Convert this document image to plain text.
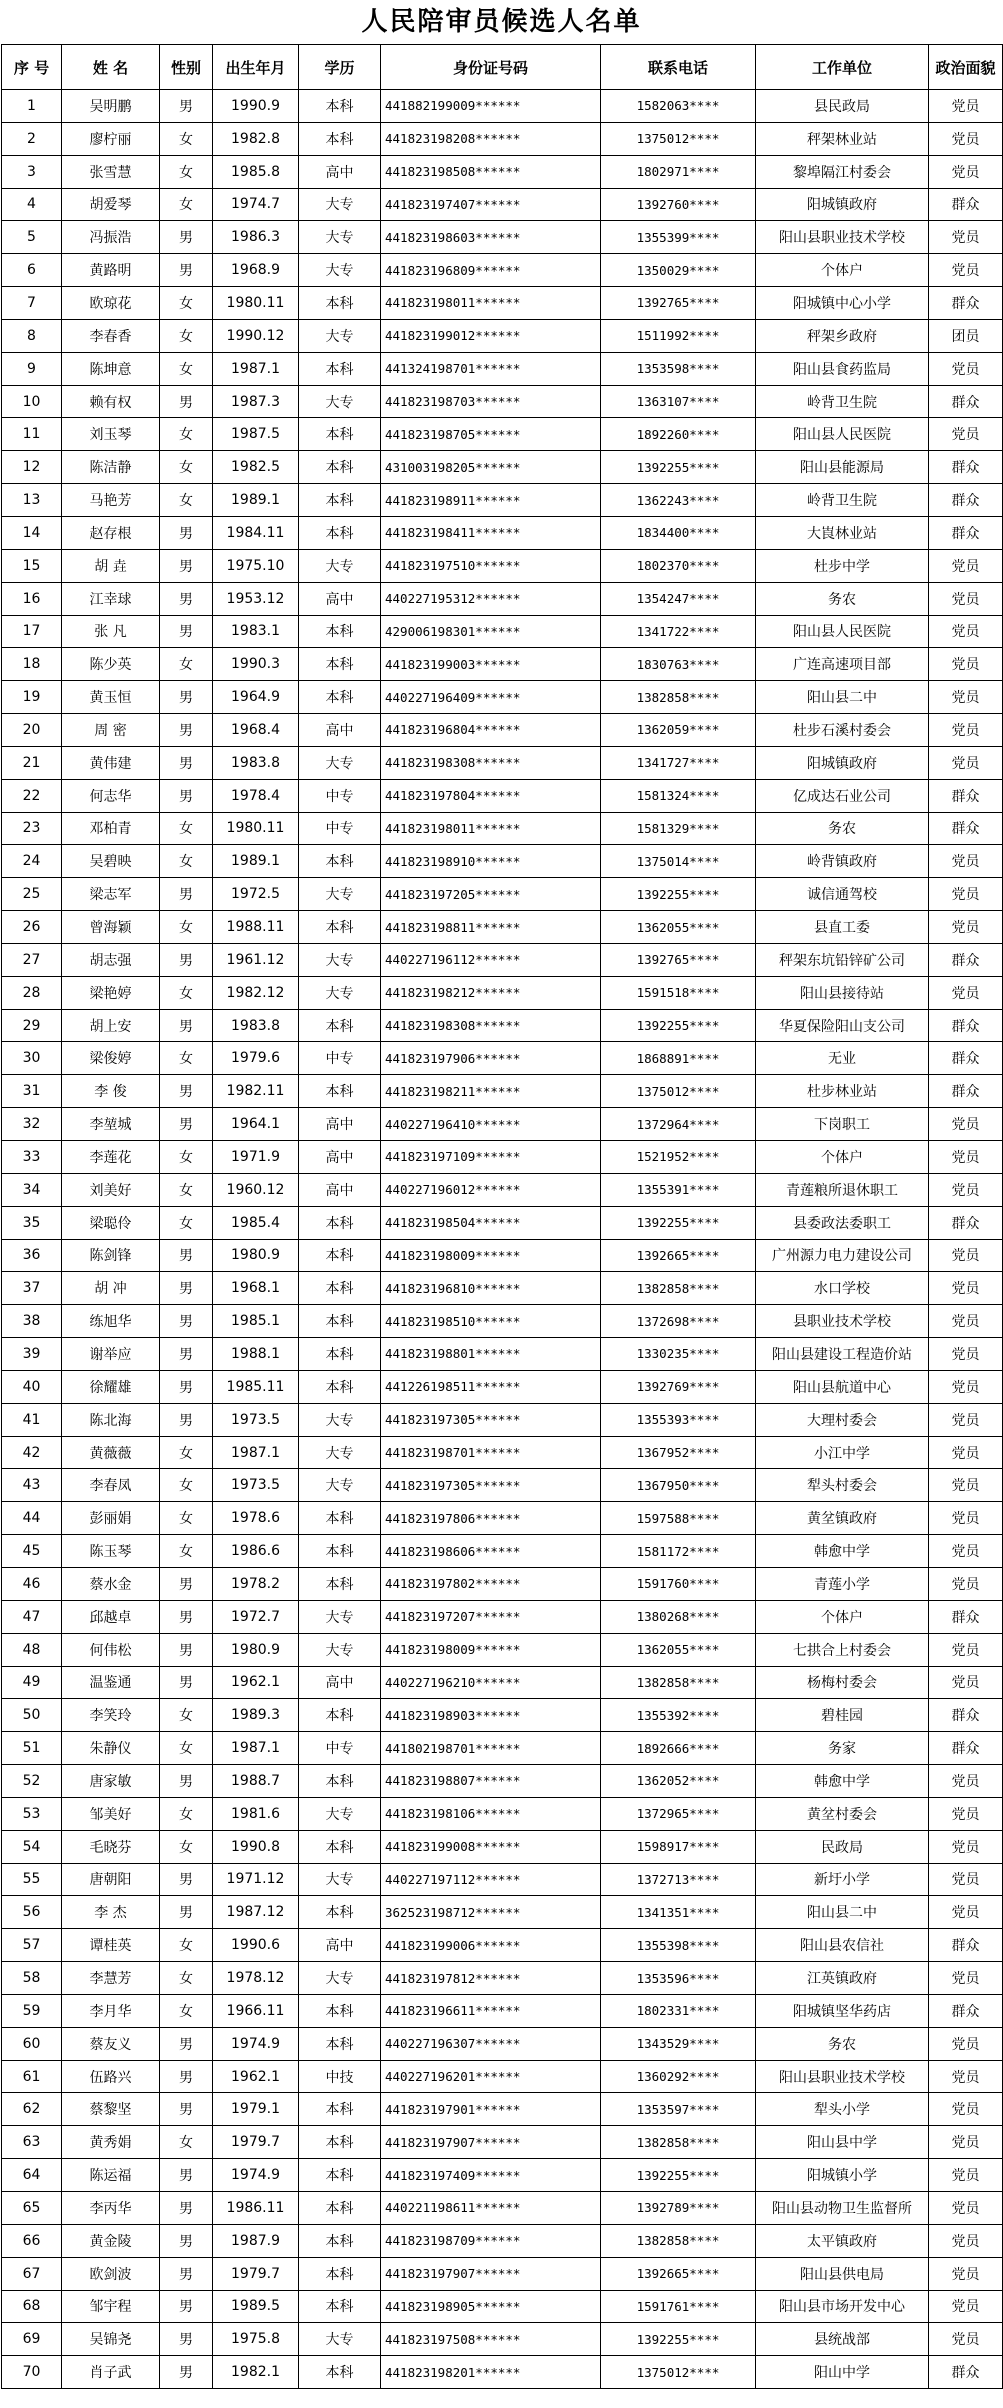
人民陪审员候选人名单
序 号	姓 名	性别	出生年月	学历	身份证号码	联系电话	工作单位	政治面貌
1	吴明鹏	男	1990.9	本科	441882199009******	1582063****	县民政局	党员
2	廖柠丽	女	1982.8	本科	441823198208******	1375012****	秤架林业站	党员
3	张雪慧	女	1985.8	高中	441823198508******	1802971****	黎埠隔江村委会	党员
4	胡爱琴	女	1974.7	大专	441823197407******	1392760****	阳城镇政府	群众
5	冯振浩	男	1986.3	大专	441823198603******	1355399****	阳山县职业技术学校	党员
6	黄路明	男	1968.9	大专	441823196809******	1350029****	个体户	党员
7	欧琼花	女	1980.11	本科	441823198011******	1392765****	阳城镇中心小学	群众
8	李春香	女	1990.12	大专	441823199012******	1511992****	秤架乡政府	团员
9	陈坤意	女	1987.1	本科	441324198701******	1353598****	阳山县食药监局	党员
10	赖有权	男	1987.3	大专	441823198703******	1363107****	岭背卫生院	群众
11	刘玉琴	女	1987.5	本科	441823198705******	1892260****	阳山县人民医院	党员
12	陈洁静	女	1982.5	本科	431003198205******	1392255****	阳山县能源局	群众
13	马艳芳	女	1989.1	本科	441823198911******	1362243****	岭背卫生院	群众
14	赵存根	男	1984.11	本科	441823198411******	1834400****	大崀林业站	群众
15	胡 垚	男	1975.10	大专	441823197510******	1802370****	杜步中学	党员
16	江幸球	男	1953.12	高中	440227195312******	1354247****	务农	党员
17	张 凡	男	1983.1	本科	429006198301******	1341722****	阳山县人民医院	党员
18	陈少英	女	1990.3	本科	441823199003******	1830763****	广连高速项目部	党员
19	黄玉恒	男	1964.9	本科	440227196409******	1382858****	阳山县二中	党员
20	周 密	男	1968.4	高中	441823196804******	1362059****	杜步石溪村委会	党员
21	黄伟建	男	1983.8	大专	441823198308******	1341727****	阳城镇政府	党员
22	何志华	男	1978.4	中专	441823197804******	1581324****	亿成达石业公司	群众
23	邓柏青	女	1980.11	中专	441823198011******	1581329****	务农	群众
24	吴碧映	女	1989.1	本科	441823198910******	1375014****	岭背镇政府	党员
25	梁志军	男	1972.5	大专	441823197205******	1392255****	诚信通驾校	党员
26	曾海颖	女	1988.11	本科	441823198811******	1362055****	县直工委	党员
27	胡志强	男	1961.12	大专	440227196112******	1392765****	秤架东坑铅锌矿公司	群众
28	梁艳婷	女	1982.12	大专	441823198212******	1591518****	阳山县接待站	党员
29	胡上安	男	1983.8	本科	441823198308******	1392255****	华夏保险阳山支公司	群众
30	梁俊婷	女	1979.6	中专	441823197906******	1868891****	无业	群众
31	李 俊	男	1982.11	本科	441823198211******	1375012****	杜步林业站	群众
32	李堃城	男	1964.1	高中	440227196410******	1372964****	下岗职工	党员
33	李莲花	女	1971.9	高中	441823197109******	1521952****	个体户	党员
34	刘美好	女	1960.12	高中	440227196012******	1355391****	青莲粮所退休职工	党员
35	梁聪伶	女	1985.4	本科	441823198504******	1392255****	县委政法委职工	群众
36	陈剑锋	男	1980.9	本科	441823198009******	1392665****	广州源力电力建设公司	党员
37	胡 冲	男	1968.1	本科	441823196810******	1382858****	水口学校	党员
38	练旭华	男	1985.1	本科	441823198510******	1372698****	县职业技术学校	党员
39	谢举应	男	1988.1	本科	441823198801******	1330235****	阳山县建设工程造价站	党员
40	徐耀雄	男	1985.11	本科	441226198511******	1392769****	阳山县航道中心	党员
41	陈北海	男	1973.5	大专	441823197305******	1355393****	大理村委会	党员
42	黄薇薇	女	1987.1	大专	441823198701******	1367952****	小江中学	党员
43	李春凤	女	1973.5	大专	441823197305******	1367950****	犁头村委会	党员
44	彭丽娟	女	1978.6	本科	441823197806******	1597588****	黄坌镇政府	党员
45	陈玉琴	女	1986.6	本科	441823198606******	1581172****	韩愈中学	党员
46	蔡水金	男	1978.2	本科	441823197802******	1591760****	青莲小学	党员
47	邱越卓	男	1972.7	大专	441823197207******	1380268****	个体户	群众
48	何伟松	男	1980.9	大专	441823198009******	1362055****	七拱合上村委会	党员
49	温鉴通	男	1962.1	高中	440227196210******	1382858****	杨梅村委会	党员
50	李笑玲	女	1989.3	本科	441823198903******	1355392****	碧桂园	群众
51	朱静仪	女	1987.1	中专	441802198701******	1892666****	务家	群众
52	唐家敏	男	1988.7	本科	441823198807******	1362052****	韩愈中学	党员
53	邹美好	女	1981.6	大专	441823198106******	1372965****	黄坌村委会	党员
54	毛晓芬	女	1990.8	本科	441823199008******	1598917****	民政局	党员
55	唐朝阳	男	1971.12	大专	440227197112******	1372713****	新圩小学	党员
56	李 杰	男	1987.12	本科	362523198712******	1341351****	阳山县二中	党员
57	谭桂英	女	1990.6	高中	441823199006******	1355398****	阳山县农信社	群众
58	李慧芳	女	1978.12	大专	441823197812******	1353596****	江英镇政府	党员
59	李月华	女	1966.11	本科	441823196611******	1802331****	阳城镇坚华药店	群众
60	蔡友义	男	1974.9	本科	440227196307******	1343529****	务农	党员
61	伍路兴	男	1962.1	中技	440227196201******	1360292****	阳山县职业技术学校	党员
62	蔡黎坚	男	1979.1	本科	441823197901******	1353597****	犁头小学	党员
63	黄秀娟	女	1979.7	本科	441823197907******	1382858****	阳山县中学	党员
64	陈运福	男	1974.9	本科	441823197409******	1392255****	阳城镇小学	党员
65	李丙华	男	1986.11	本科	440221198611******	1392789****	阳山县动物卫生监督所	党员
66	黄金陵	男	1987.9	本科	441823198709******	1382858****	太平镇政府	党员
67	欧剑波	男	1979.7	本科	441823197907******	1392665****	阳山县供电局	党员
68	邹宇程	男	1989.5	本科	441823198905******	1591761****	阳山县市场开发中心	党员
69	吴锦尧	男	1975.8	大专	441823197508******	1392255****	县统战部	党员
70	肖子武	男	1982.1	本科	441823198201******	1375012****	阳山中学	群众
